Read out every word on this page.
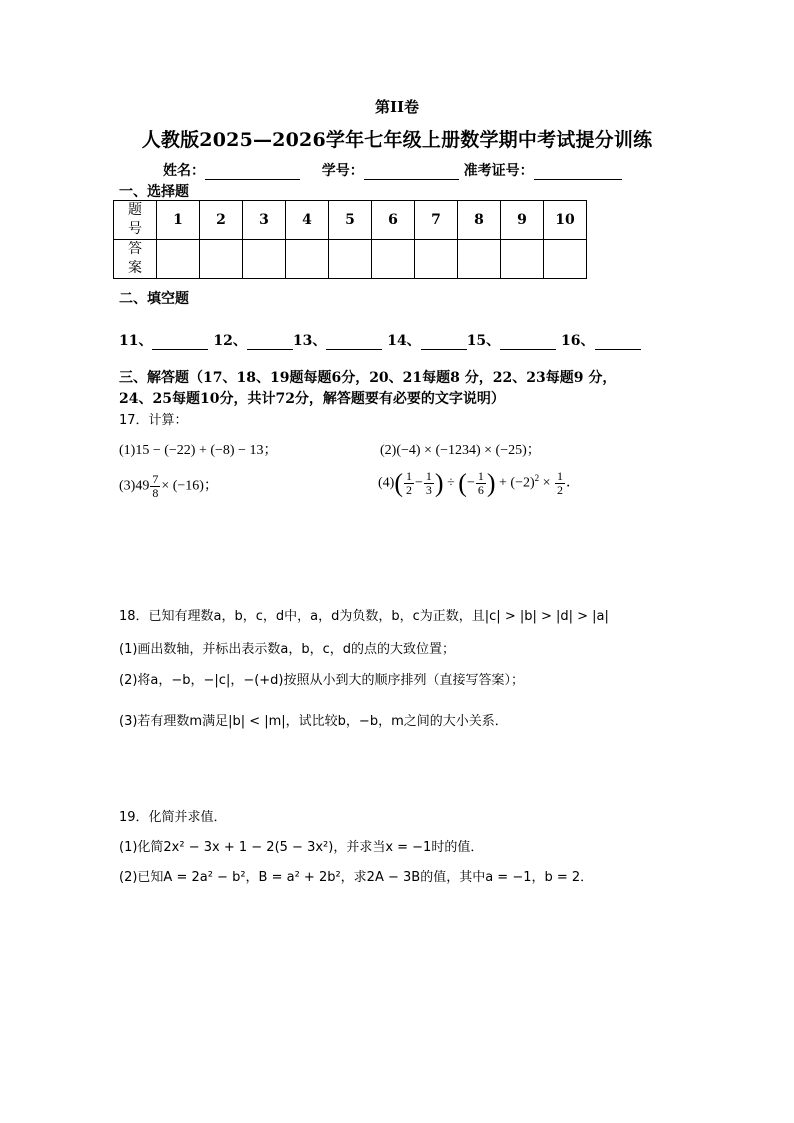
第II卷
人教版2025—2026学年七年级上册数学期中考试提分训练
姓名：	学号：	准考证号：
一、选择题
题号	1	2	3	4	5	6	7	8	9	10
答案										
二、填空题
11、	12、	13、	14、	15、	16、
三、解答题（17、18、19题每题6分，20、21每题8 分，22、23每题9 分，
24、25每题10分，共计72分，解答题要有必要的文字说明）
17．计算：
(1)15 − (−22) + (−8) − 13；	(2)(−4) × (−1234) × (−25)；
$(3)49 \frac{7}{8} \times (-16)$；	$(4)( \frac{1}{2} - \frac{1}{3}$ ) ÷ (− $\frac{1}{6}$ ) + $(-2)^2 \times \frac{1}{2}$ ．
18．已知有理数a，b，c，d中，a，d为负数，b，c为正数，且|c| > |b| > |d| > |a|
(1)画出数轴，并标出表示数a，b，c，d的点的大致位置；
(2)将a，−b，−|c|，−(+d)按照从小到大的顺序排列（直接写答案）；
(3)若有理数m满足|b| < |m|，试比较b，−b，m之间的大小关系．
19．化简并求值．
(1)化简2x² − 3x + 1 − 2(5 − 3x²)，并求当x = −1时的值．
(2)已知A = 2a² − b²，B = a² + 2b²，求2A − 3B的值，其中a = −1，b = 2．
